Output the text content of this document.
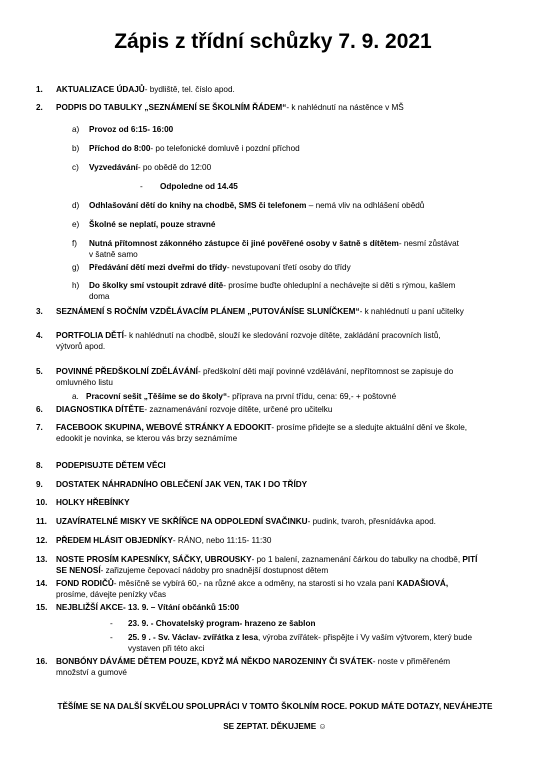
Zápis z třídní schůzky 7. 9. 2021
1. AKTUALIZACE ÚDAJŮ- bydliště, tel. číslo apod.
2. PODPIS DO TABULKY „SEZNÁMENÍ SE ŠKOLNÍM ŘÁDEM“- k nahlédnutí na nástěnce v MŠ
a) Provoz od 6:15- 16:00
b) Příchod do 8:00- po telefonické domluvě i pozdní příchod
c) Vyzvedávání- po obědě do 12:00
- Odpoledne od 14.45
d) Odhlašování dětí do knihy na chodbě, SMS či telefonem – nemá vliv na odhlášení obědů
e) Školné se neplatí, pouze stravné
f) Nutná přítomnost zákonného zástupce či jiné pověřené osoby v šatně s dítětem- nesmí zůstávat
v šatně samo
g) Předávání dětí mezi dveřmi do třídy- nevstupovaní třetí osoby do třídy
h) Do školky smí vstoupit zdravé dítě- prosíme buďte ohleduplní a nechávejte si děti s rýmou, kašlem
doma
3. SEZNÁMENÍ S ROČNÍM VZDĚLÁVACÍM PLÁNEM „PUTOVÁNÍSE SLUNÍČKEM“- k nahlédnutí u paní učitelky
4. PORTFOLIA DĚTÍ- k nahlédnutí na chodbě, slouží ke sledování rozvoje dítěte, zakládání pracovních listů,
výtvorů apod.
5. POVINNÉ PŘEDŠKOLNÍ ZDĚLÁVÁNÍ- předškolní děti mají povinné vzdělávání, nepřítomnost se zapisuje do
omluvného listu
a. Pracovní sešit „Těšíme se do školy“- příprava na první třídu, cena: 69,- + poštovné
6. DIAGNOSTIKA DÍTĚTE- zaznamenávání rozvoje dítěte, určené pro učitelku
7. FACEBOOK SKUPINA, WEBOVÉ STRÁNKY A EDOOKIT- prosíme přidejte se a sledujte aktuální dění ve škole,
edookit je novinka, se kterou vás brzy seznámíme
8. PODEPISUJTE DĚTEM VĚCI
9. DOSTATEK NÁHRADNÍHO OBLEČENÍ JAK VEN, TAK I DO TŘÍDY
10. HOLKY HŘEBÍNKY
11. UZAVÍRATELNÉ MISKY VE SKŘÍŇCE NA ODPOLEDNÍ SVAČINKU- pudink, tvaroh, přesnídávka apod.
12. PŘEDEM HLÁSIT OBJEDNÍKY- RÁNO, nebo 11:15- 11:30
13. NOSTE PROSÍM KAPESNÍKY, SÁČKY, UBROUSKY- po 1 balení, zaznamenání čárkou do tabulky na chodbě, PITÍ
SE NENOSÍ- zařizujeme čepovací nádoby pro snadnější dostupnost dětem
14. FOND RODIČŮ- měsíčně se vybírá 60,- na různé akce a odměny, na starosti si ho vzala paní KADAŠIOVÁ,
prosíme, dávejte penízky včas
15. NEJBLIŽŠÍ AKCE- 13. 9. – Vítání občánků 15:00
- 23. 9. - Chovatelský program- hrazeno ze šablon
- 25. 9 . - Sv. Václav- zvířátka z lesa, výroba zvířátek- přispějte i Vy vaším výtvorem, který bude
vystaven při této akci
16. BONBÓNY DÁVÁME DĚTEM POUZE, KDYŽ MÁ NĚKDO NAROZENINY ČI SVÁTEK- noste v přiměřeném
množství a gumové
TĚŠÍME SE NA DALŠÍ SKVĚLOU SPOLUPRÁCI V TOMTO ŠKOLNÍM ROCE. POKUD MÁTE DOTAZY, NEVÁHEJTE
SE ZEPTAT. DĚKUJEME ☺
